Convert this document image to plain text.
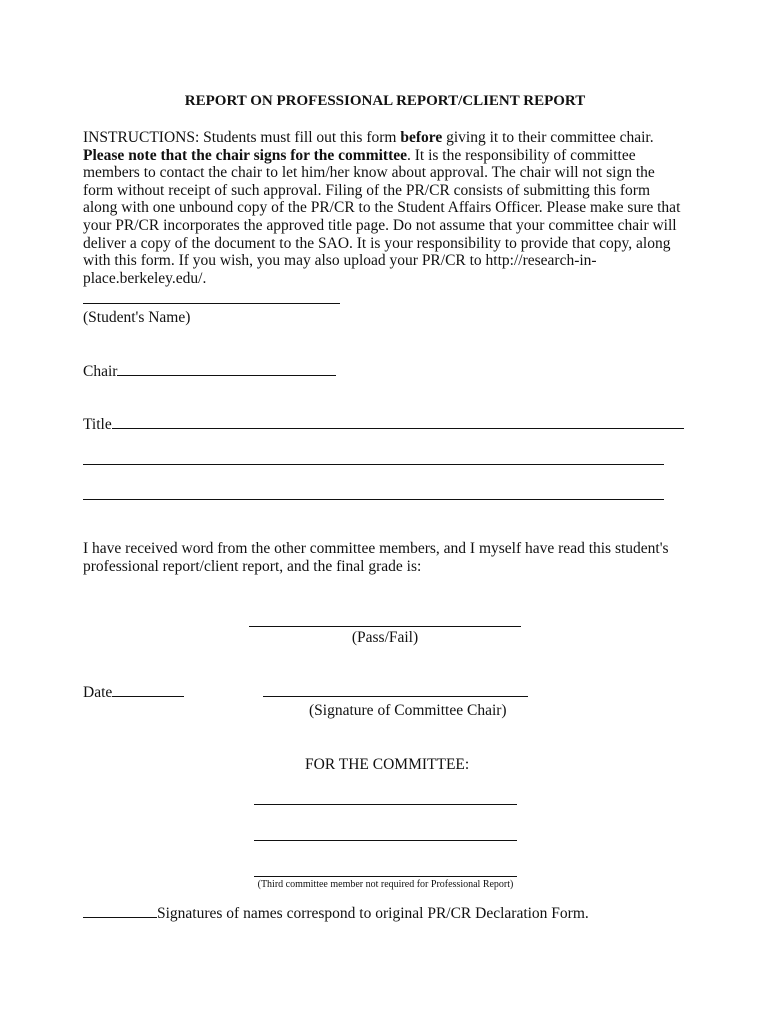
REPORT ON PROFESSIONAL REPORT/CLIENT REPORT
INSTRUCTIONS: Students must fill out this form before giving it to their committee chair. Please note that the chair signs for the committee. It is the responsibility of committee members to contact the chair to let him/her know about approval. The chair will not sign the form without receipt of such approval. Filing of the PR/CR consists of submitting this form along with one unbound copy of the PR/CR to the Student Affairs Officer. Please make sure that your PR/CR incorporates the approved title page. Do not assume that your committee chair will deliver a copy of the document to the SAO. It is your responsibility to provide that copy, along with this form. If you wish, you may also upload your PR/CR to http://research-in-place.berkeley.edu/.
(Student's Name)
Chair
Title
I have received word from the other committee members, and I myself have read this student's professional report/client report, and the final grade is:
(Pass/Fail)
Date
(Signature of Committee Chair)
FOR THE COMMITTEE:
(Third committee member not required for Professional Report)
Signatures of names correspond to original PR/CR Declaration Form.
